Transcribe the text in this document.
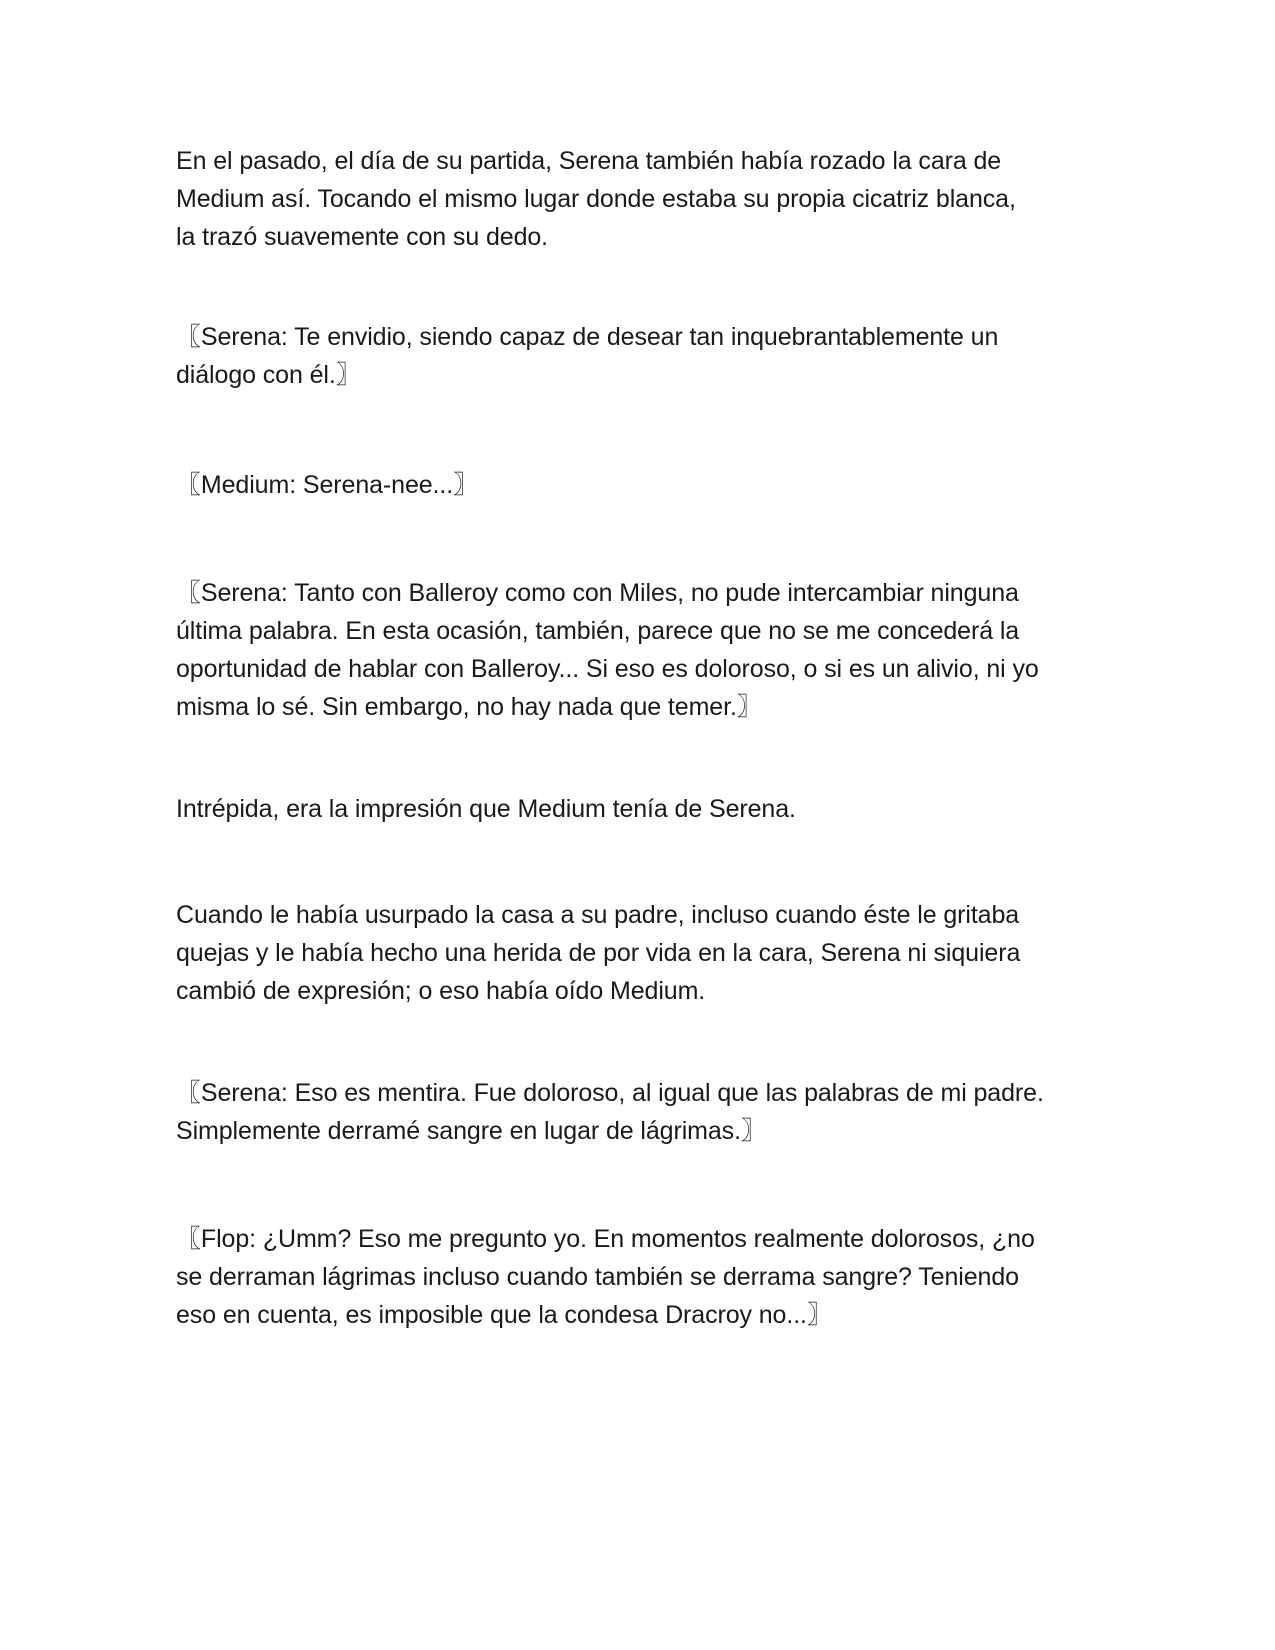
En el pasado, el día de su partida, Serena también había rozado la cara de
Medium así. Tocando el mismo lugar donde estaba su propia cicatriz blanca,
la trazó suavemente con su dedo.

〖Serena: Te envidio, siendo capaz de desear tan inquebrantablemente un
diálogo con él.〗

〖Medium: Serena-nee...〗

〖Serena: Tanto con Balleroy como con Miles, no pude intercambiar ninguna
última palabra. En esta ocasión, también, parece que no se me concederá la
oportunidad de hablar con Balleroy... Si eso es doloroso, o si es un alivio, ni yo
misma lo sé. Sin embargo, no hay nada que temer.〗

Intrépida, era la impresión que Medium tenía de Serena.

Cuando le había usurpado la casa a su padre, incluso cuando éste le gritaba
quejas y le había hecho una herida de por vida en la cara, Serena ni siquiera
cambió de expresión; o eso había oído Medium.

〖Serena: Eso es mentira. Fue doloroso, al igual que las palabras de mi padre.
Simplemente derramé sangre en lugar de lágrimas.〗

〖Flop: ¿Umm? Eso me pregunto yo. En momentos realmente dolorosos, ¿no
se derraman lágrimas incluso cuando también se derrama sangre? Teniendo
eso en cuenta, es imposible que la condesa Dracroy no...〗
